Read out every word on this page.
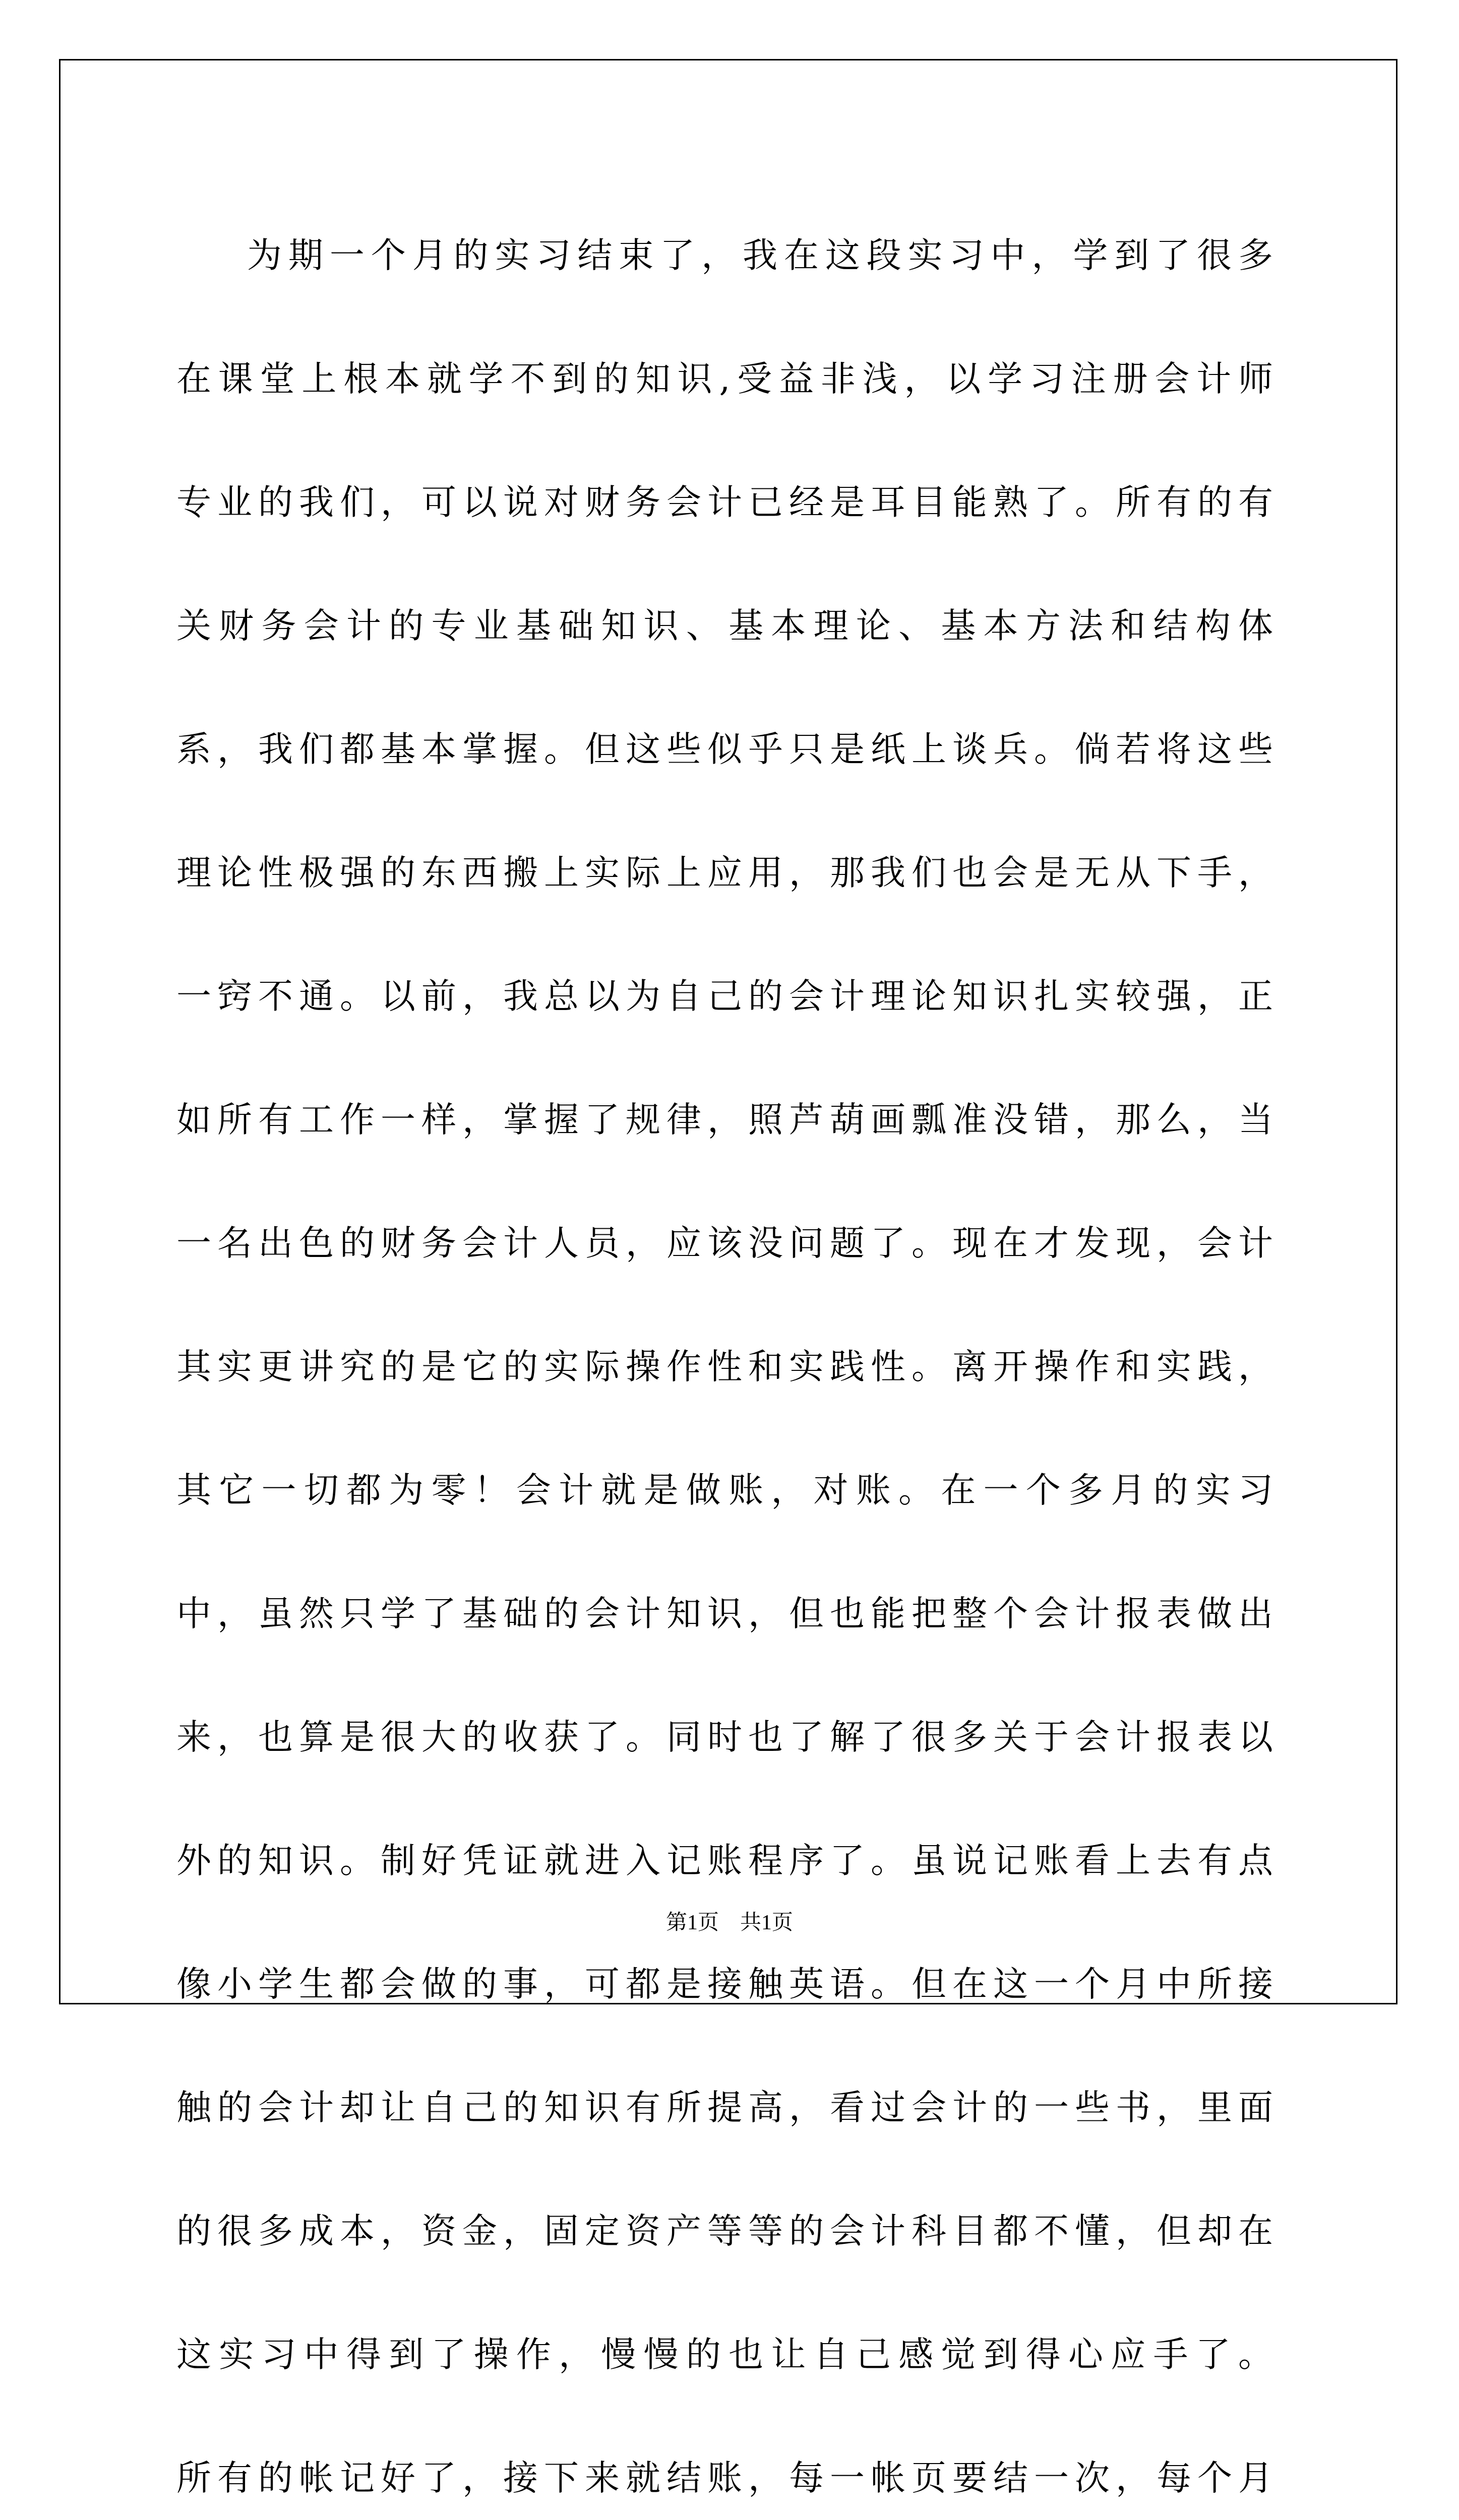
为期一个月的实习结束了，我在这段实习中，学到了很多在课堂上根本就学不到的知识,受益非浅，以学习注册会计师专业的我们，可以说对财务会计已经是耳目能熟了。所有的有关财务会计的专业基础知识、基本理论、基本方法和结构体系，我们都基本掌握。但这些似乎只是纸上谈兵。倘若将这些理论性极强的东西搬上实际上应用，那我们也会是无从下手，一窍不通。以前，我总以为自己的会计理论知识扎实较强，正如所有工作一样，掌握了规律，照芦葫画瓢准没错，那么，当一名出色的财务会计人员，应该没问题了。现在才发现，会计其实更讲究的是它的实际操作性和实践性。离开操作和实践，其它一切都为零！会计就是做账，对账。在一个多月的实习中，虽然只学了基础的会计知识，但也能把整个会计报表做出来，也算是很大的收获了。同时也了解了很多关于会计报表以外的知识。制好凭证就进入记账程序了。虽说记账看上去有点像小学生都会做的事，可都是接触英语。但在这一个月中所接触的会计却让自己的知识有所提高，看过会计的一些书，里面的很多成本，资金，固定资产等等的会计科目都不懂，但却在这实习中得到了操作，慢慢的也让自己感觉到得心应手了。 所有的帐记好了，接下来就结账，每一帐页要结一次，每个月

第1页　共1页
